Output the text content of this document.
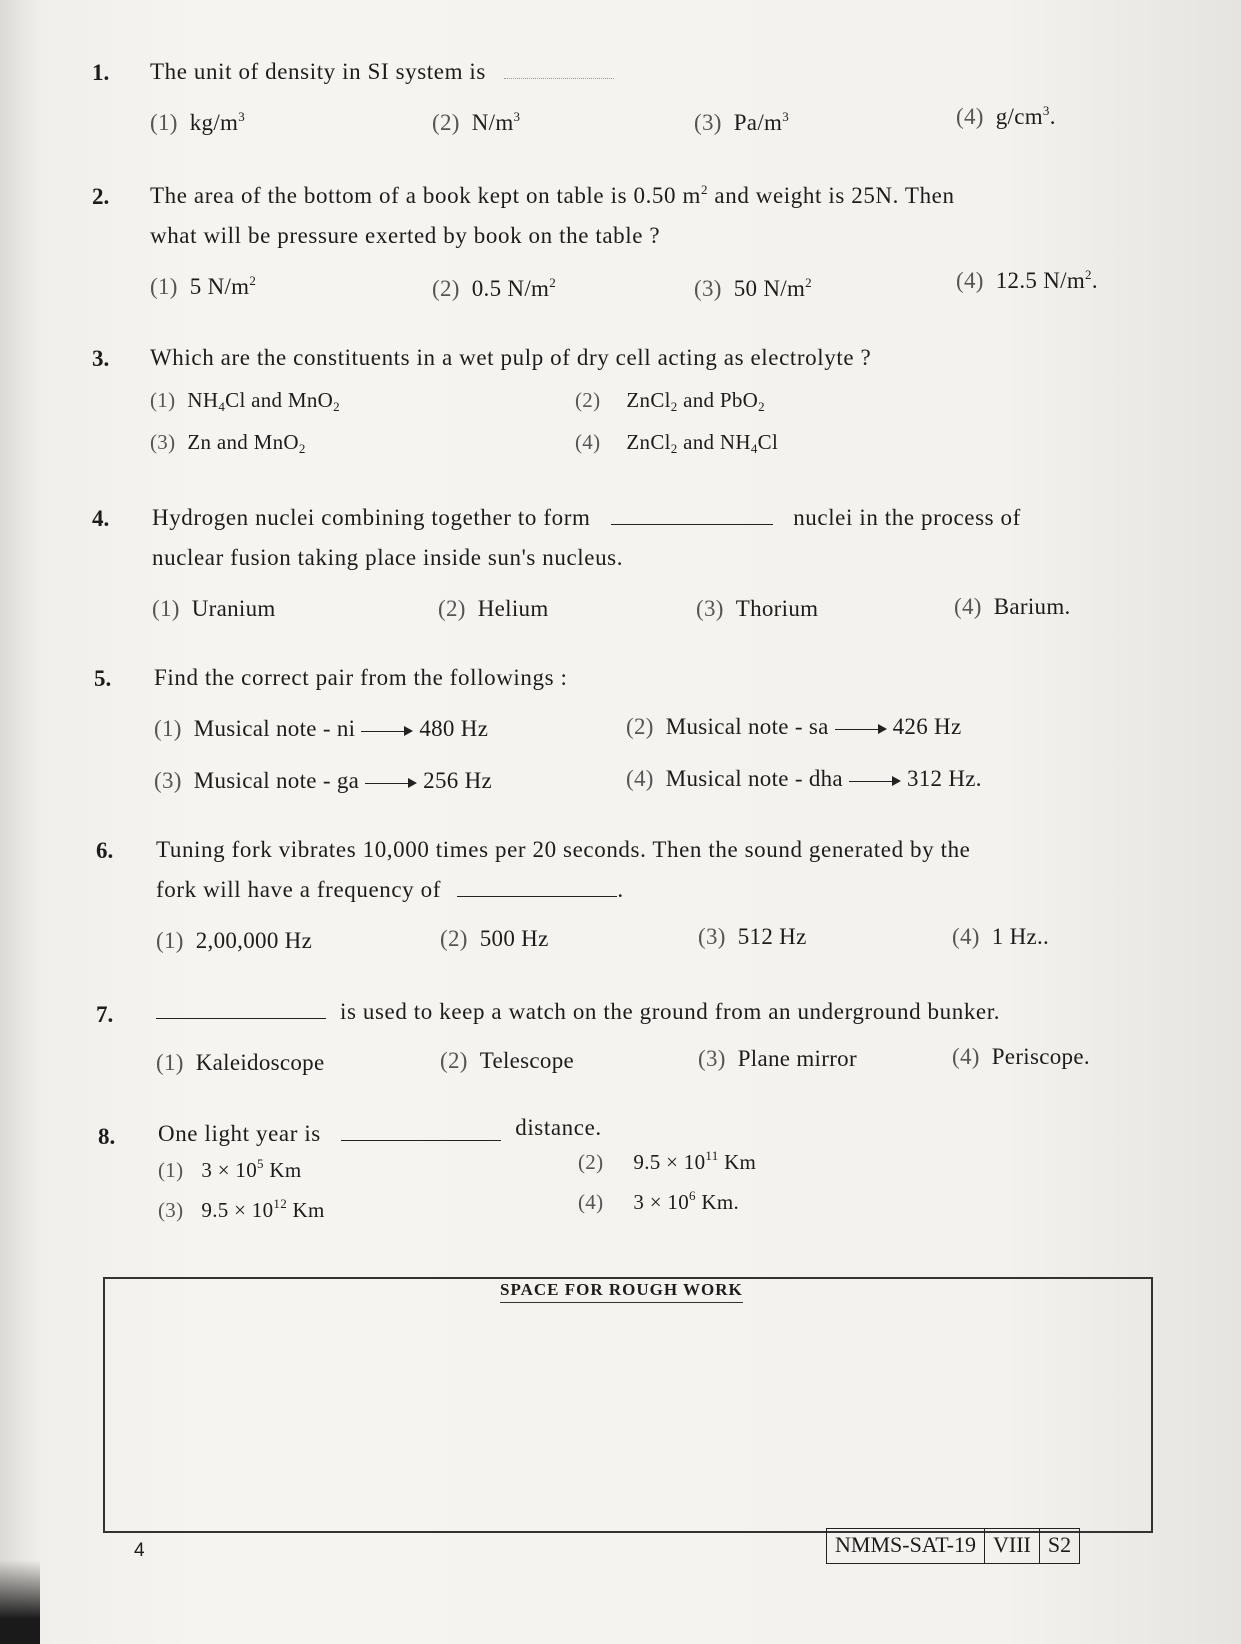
1. The unit of density in SI system is
(1) $kg/m^3$	(2) $N/m^3$	(3) $Pa/m^3$	(4) $g/cm^3$.
2. The area of the bottom of a book kept on table is 0.50 $m^2$ and weight is 25N. Then
what will be pressure exerted by book on the table ?
(1) 5 $N/m^2$	(2) 0.5 $N/m^2$	(3) 50 $N/m^2$	(4) 12.5 $N/m^2$.
3. Which are the constituents in a wet pulp of dry cell acting as electrolyte ?
(1) $NH_4Cl$ and MnO$_2$	(2) ZnCl$_2$ and PbO$_2$
(3) Zn and MnO$_2$	(4) ZnCl$_2$ and $NH_4Cl$
4. Hydrogen nuclei combining together to form	nuclei in the process of
nuclear fusion taking place inside sun's nucleus.
(1) Uranium	(2) Helium	(3) Thorium	(4) Barium.
5. Find the correct pair from the followings :
(1) Musical note - ni	480 Hz	(2) Musical note - sa	426 Hz
(3) Musical note - ga	256 Hz	(4) Musical note - dha	312 Hz.
6. Tuning fork vibrates 10,000 times per 20 seconds. Then the sound generated by the
fork will have a frequency of	.
(1) 2,00,000 Hz	(2) 500 Hz	(3) 512 Hz	(4) 1 Hz..
7.	is used to keep a watch on the ground from an underground bunker.
(1) Kaleidoscope	(2) Telescope	(3) Plane mirror	(4) Periscope.
8. One light year is	distance.
(1) $3 \times 10^5$ Km	(2) $9.5 \times 10^{11}$ Km
(3) $9.5 \times 10^{12}$ Km	(4) $3 \times 10^6$ Km.
SPACE FOR ROUGH WORK
4	NMMS-SAT-19 VIII S2
